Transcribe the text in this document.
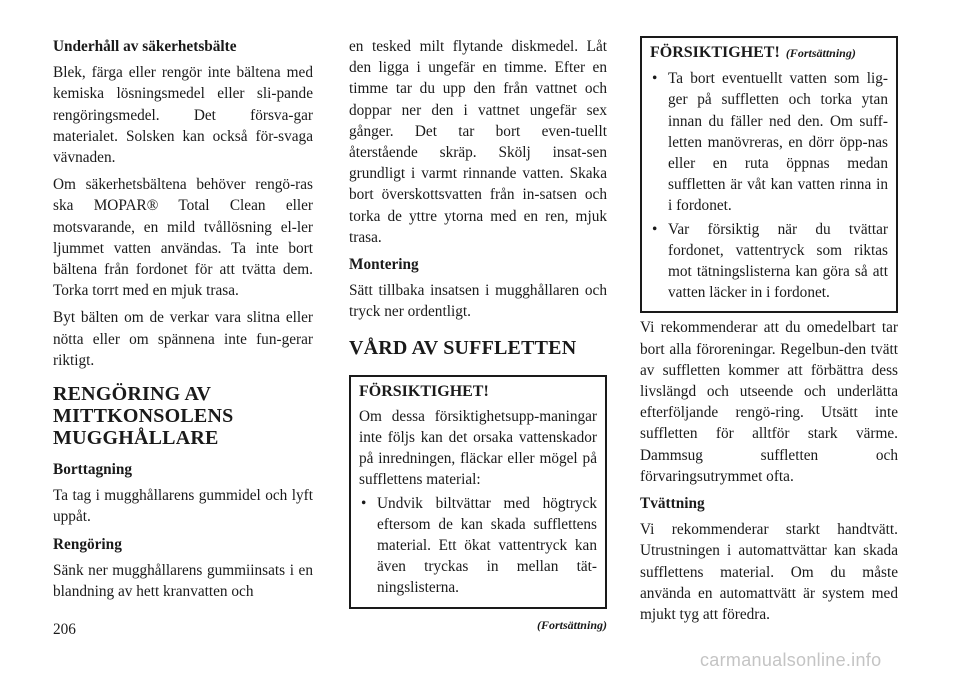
Underhåll av säkerhetsbälte

Blek, färga eller rengör inte bältena med kemiska lösningsmedel eller sli-pande rengöringsmedel. Det försva-gar materialet. Solsken kan också för-svaga vävnaden.

Om säkerhetsbältena behöver rengö-ras ska MOPAR® Total Clean eller motsvarande, en mild tvållösning el-ler ljummet vatten användas. Ta inte bort bältena från fordonet för att tvätta dem. Torka torrt med en mjuk trasa.

Byt bälten om de verkar vara slitna eller nötta eller om spännena inte fun-gerar riktigt.

RENGÖRING AV
MITTKONSOLENS
MUGGHÅLLARE
Borttagning

Ta tag i mugghållarens gummidel och lyft uppåt.

Rengöring

Sänk ner mugghållarens gummiinsats i en blandning av hett kranvatten och

en tesked milt flytande diskmedel. Låt den ligga i ungefär en timme. Efter en timme tar du upp den från vattnet och doppar ner den i vattnet ungefär sex gånger. Det tar bort even-tuellt återstående skräp. Skölj insat-sen grundligt i varmt rinnande vatten. Skaka bort överskottsvatten från in-satsen och torka de yttre ytorna med en ren, mjuk trasa.

Montering

Sätt tillbaka insatsen i mugghållaren och tryck ner ordentligt.

VÅRD AV SUFFLETTEN
FÖRSIKTIGHET!

Om dessa försiktighetsupp-maningar inte följs kan det orsaka vattenskador på inredningen, fläckar eller mögel på sufflettens material:

• Undvik biltvättar med högtryck eftersom de kan skada sufflettens material. Ett ökat vattentryck kan även tryckas in mellan tät-ningslisterna.
(Fortsättning)
FÖRSIKTIGHET! (Fortsättning)
• Ta bort eventuellt vatten som lig-ger på suffletten och torka ytan innan du fäller ned den. Om suff-letten manövreras, en dörr öpp-nas eller en ruta öppnas medan suffletten är våt kan vatten rinna in i fordonet.
• Var försiktig när du tvättar fordonet, vattentryck som riktas mot tätningslisterna kan göra så att vatten läcker in i fordonet.

Vi rekommenderar att du omedelbart tar bort alla föroreningar. Regelbun-den tvätt av suffletten kommer att förbättra dess livslängd och utseende och underlätta efterföljande rengö-ring. Utsätt inte suffletten för alltför stark värme. Dammsug suffletten och förvaringsutrymmet ofta.

Tvättning

Vi rekommenderar starkt handtvätt. Utrustningen i automattvättar kan skada sufflettens material. Om du måste använda en automattvätt är system med mjukt tyg att föredra.

206
carmanualsonline.info
